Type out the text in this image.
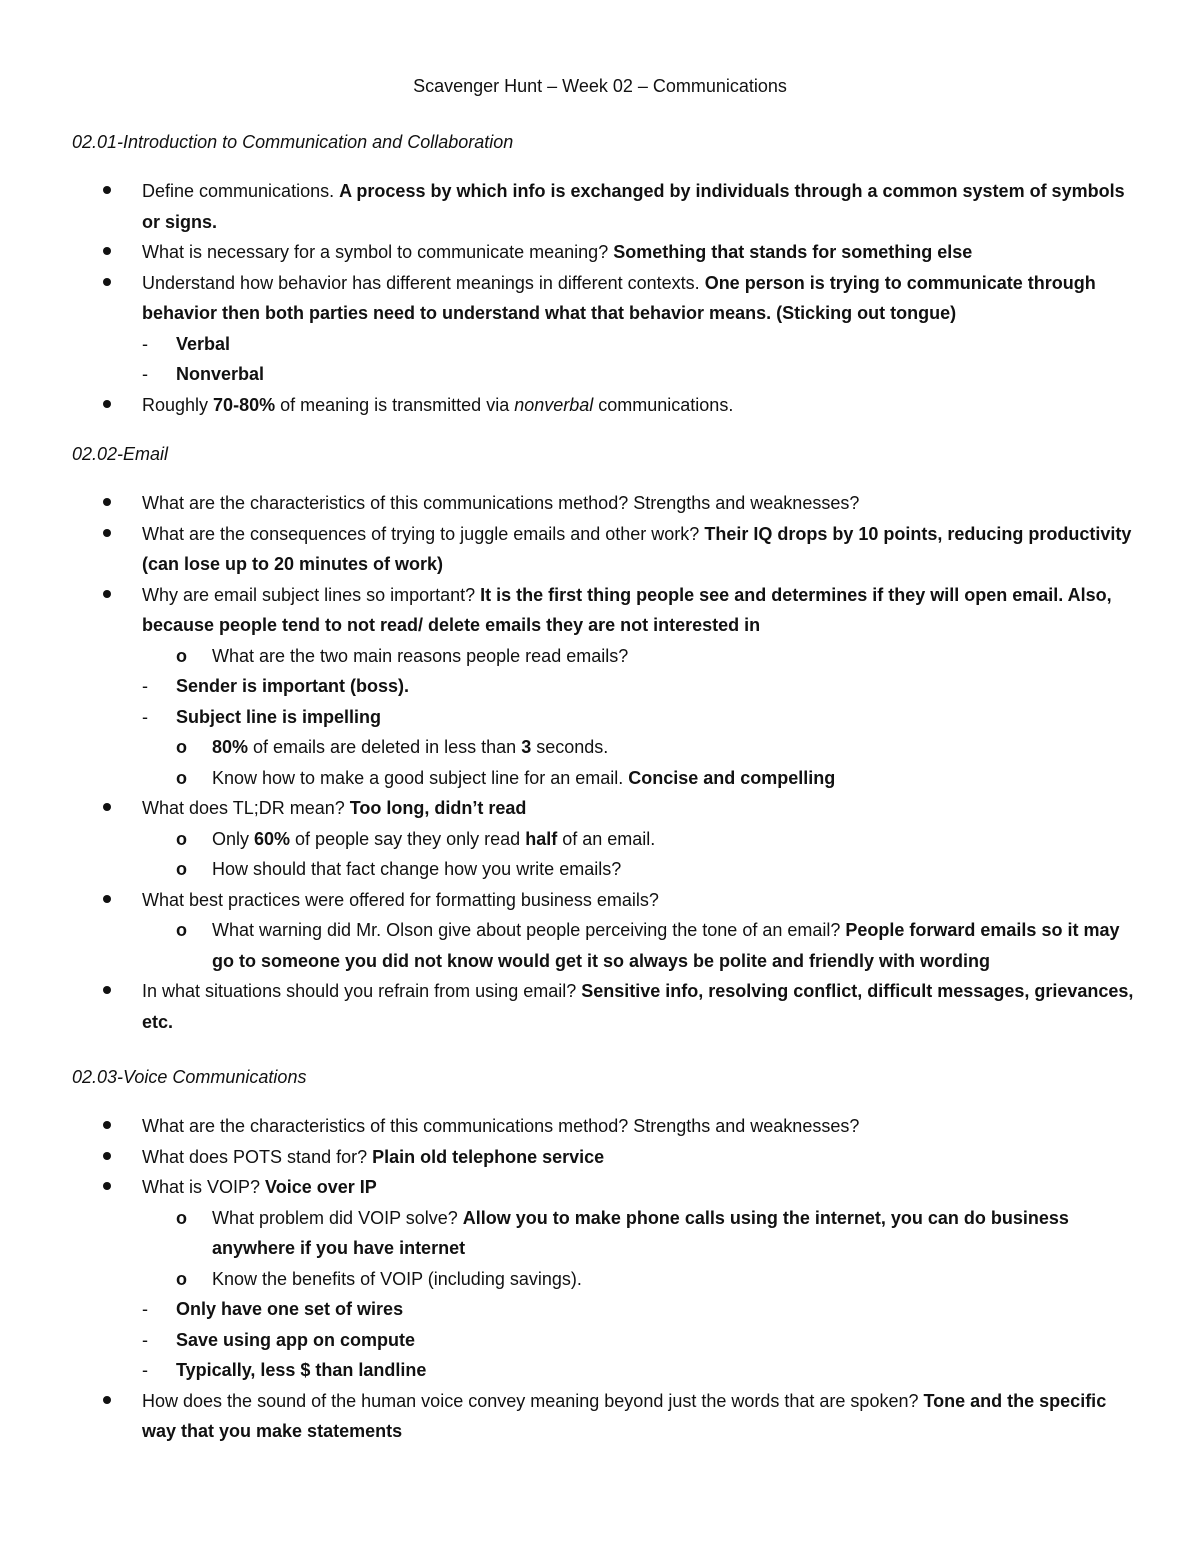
Scavenger Hunt – Week 02 – Communications
02.01-Introduction to Communication and Collaboration
Define communications. A process by which info is exchanged by individuals through a common system of symbols or signs.
What is necessary for a symbol to communicate meaning? Something that stands for something else
Understand how behavior has different meanings in different contexts. One person is trying to communicate through behavior then both parties need to understand what that behavior means. (Sticking out tongue)
- Verbal
- Nonverbal
Roughly 70-80% of meaning is transmitted via nonverbal communications.
02.02-Email
What are the characteristics of this communications method? Strengths and weaknesses?
What are the consequences of trying to juggle emails and other work? Their IQ drops by 10 points, reducing productivity (can lose up to 20 minutes of work)
Why are email subject lines so important? It is the first thing people see and determines if they will open email. Also, because people tend to not read/ delete emails they are not interested in
o What are the two main reasons people read emails?
- Sender is important (boss).
- Subject line is impelling
o 80% of emails are deleted in less than 3 seconds.
o Know how to make a good subject line for an email. Concise and compelling
What does TL;DR mean? Too long, didn’t read
o Only 60% of people say they only read half of an email.
o How should that fact change how you write emails?
What best practices were offered for formatting business emails?
o What warning did Mr. Olson give about people perceiving the tone of an email? People forward emails so it may go to someone you did not know would get it so always be polite and friendly with wording
In what situations should you refrain from using email? Sensitive info, resolving conflict, difficult messages, grievances, etc.
02.03-Voice Communications
What are the characteristics of this communications method? Strengths and weaknesses?
What does POTS stand for? Plain old telephone service
What is VOIP? Voice over IP
o What problem did VOIP solve? Allow you to make phone calls using the internet, you can do business anywhere if you have internet
o Know the benefits of VOIP (including savings).
- Only have one set of wires
- Save using app on compute
- Typically, less $ than landline
How does the sound of the human voice convey meaning beyond just the words that are spoken? Tone and the specific way that you make statements
